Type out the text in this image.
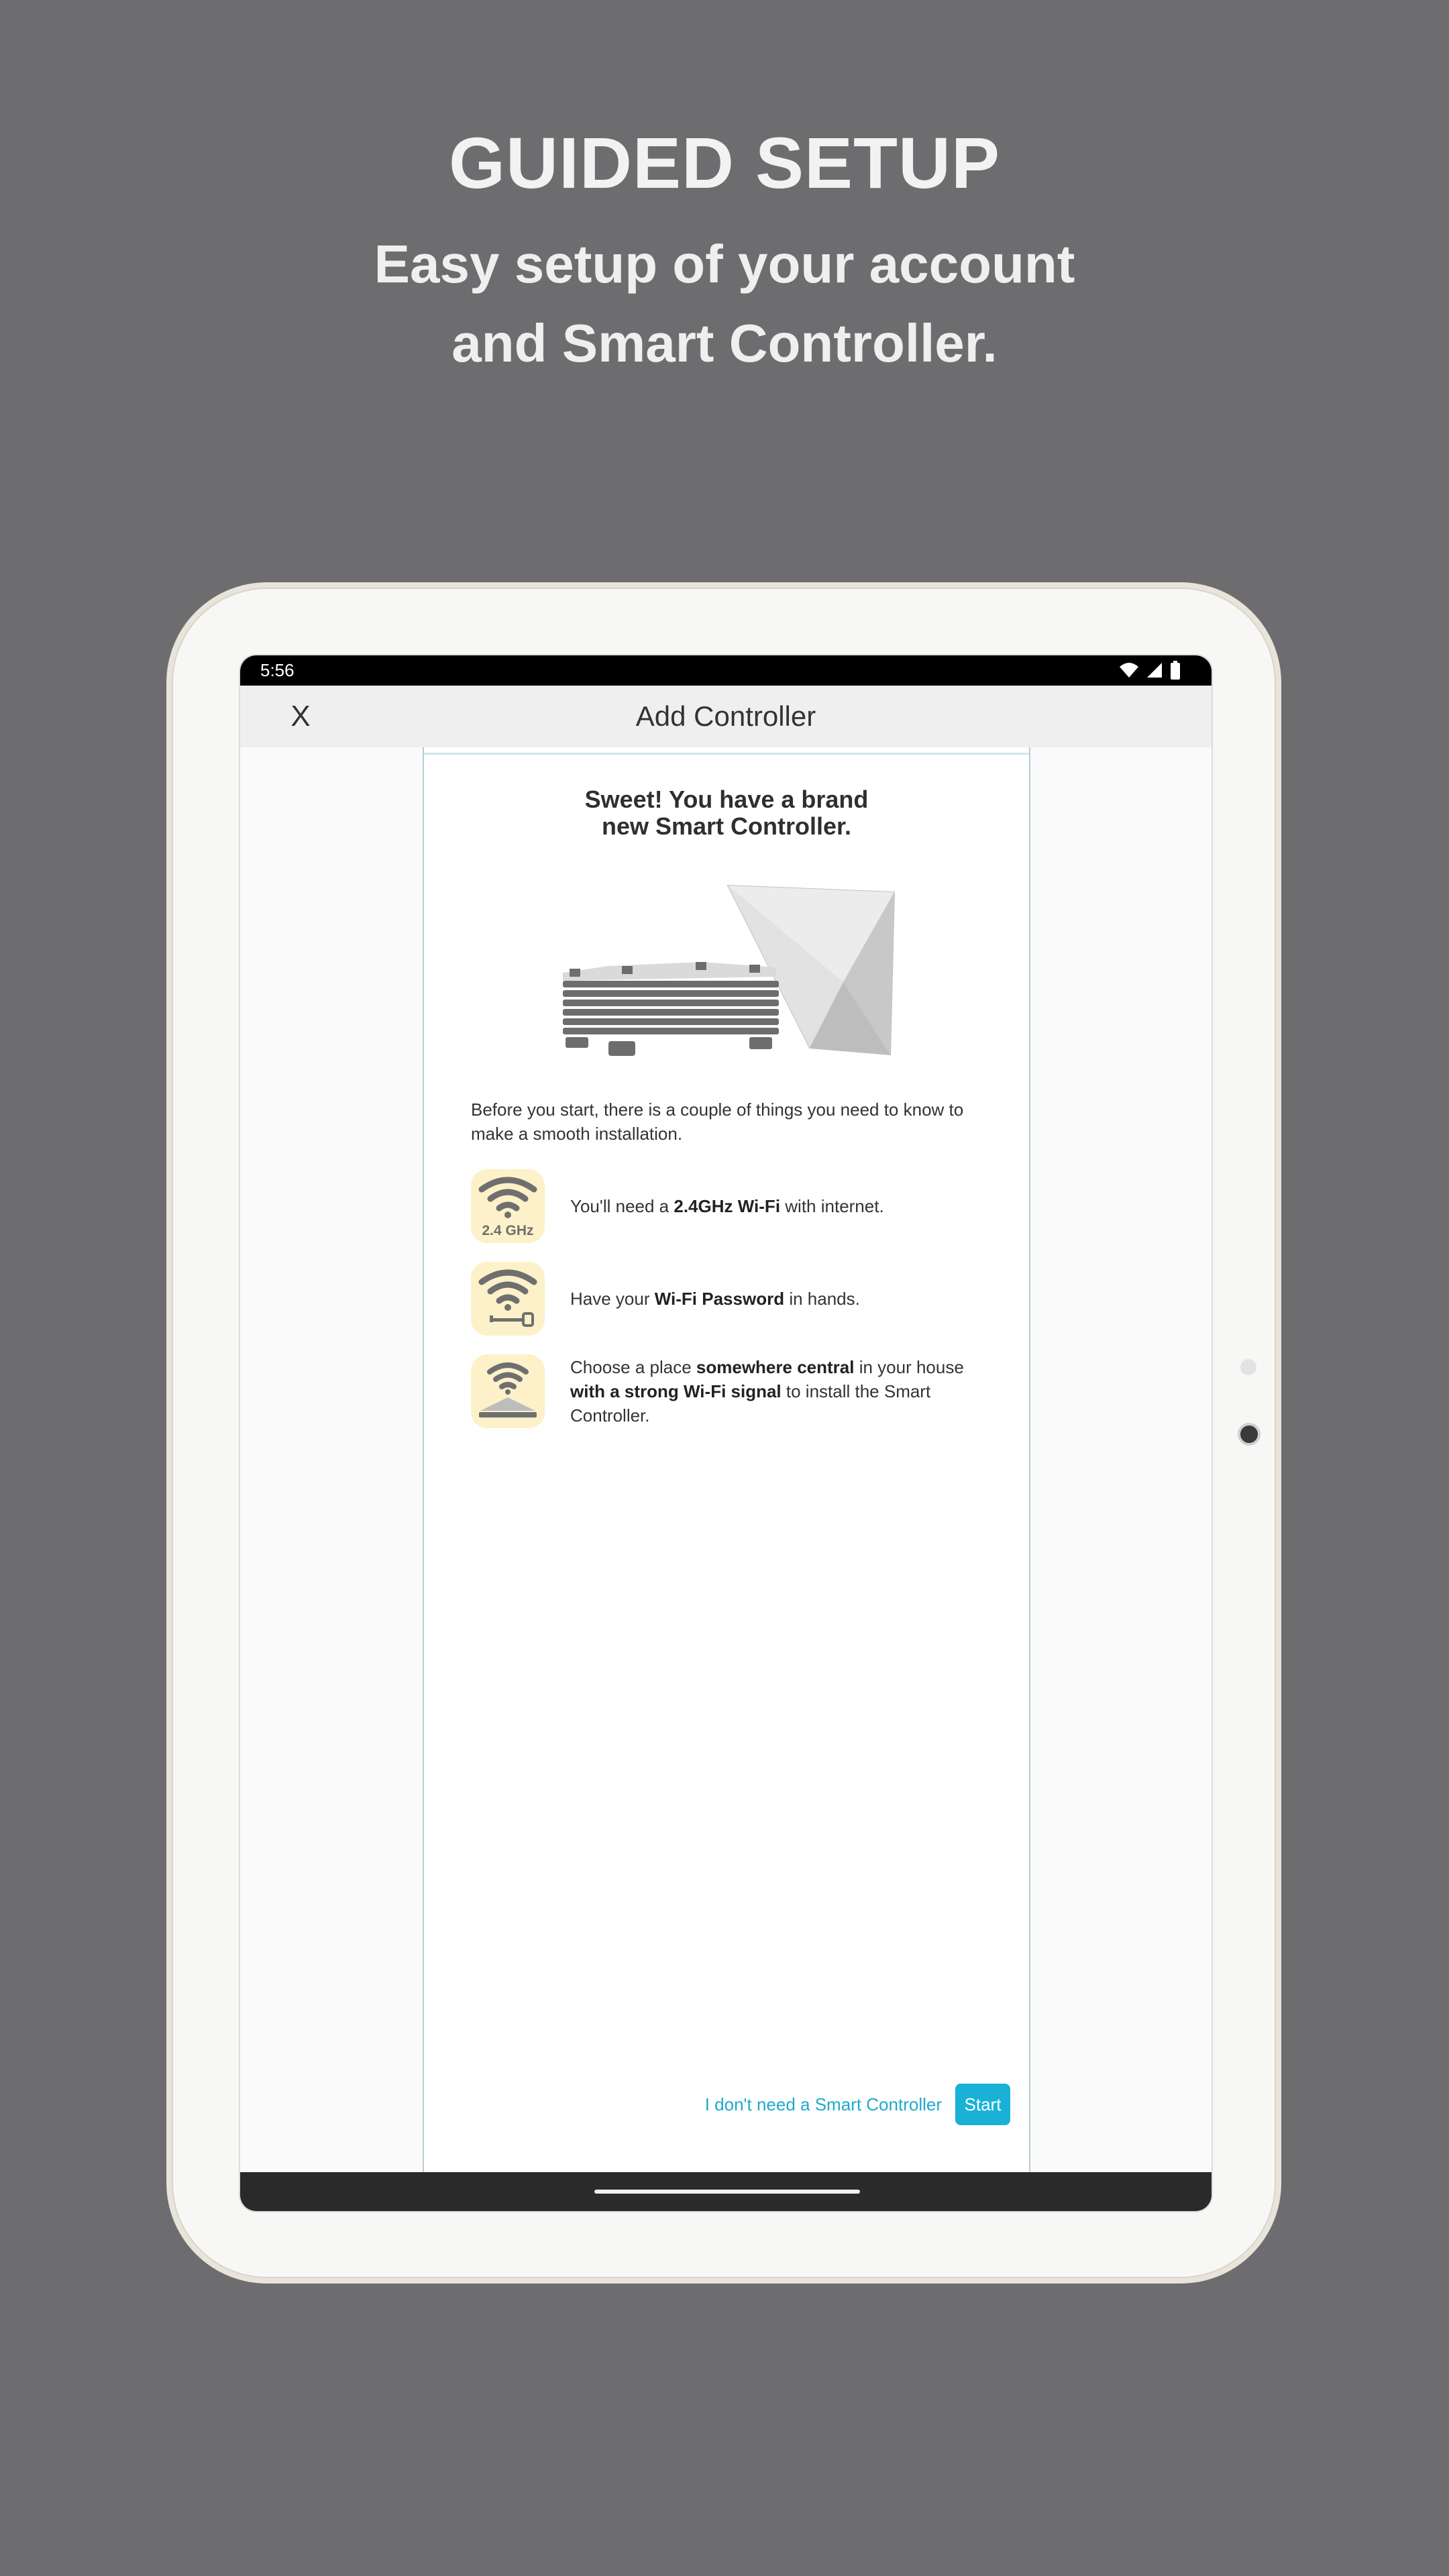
GUIDED SETUP
Easy setup of your account
and Smart Controller.
5:56
Add Controller
X
Sweet! You have a brand
new Smart Controller.
Before you start, there is a couple of things you need to know to make a smooth installation.
2.4 GHz
You'll need a 2.4GHz Wi-Fi with internet.
Have your Wi-Fi Password in hands.
Choose a place somewhere central in your house with a strong Wi-Fi signal to install the Smart Controller.
I don't need a Smart Controller	Start
